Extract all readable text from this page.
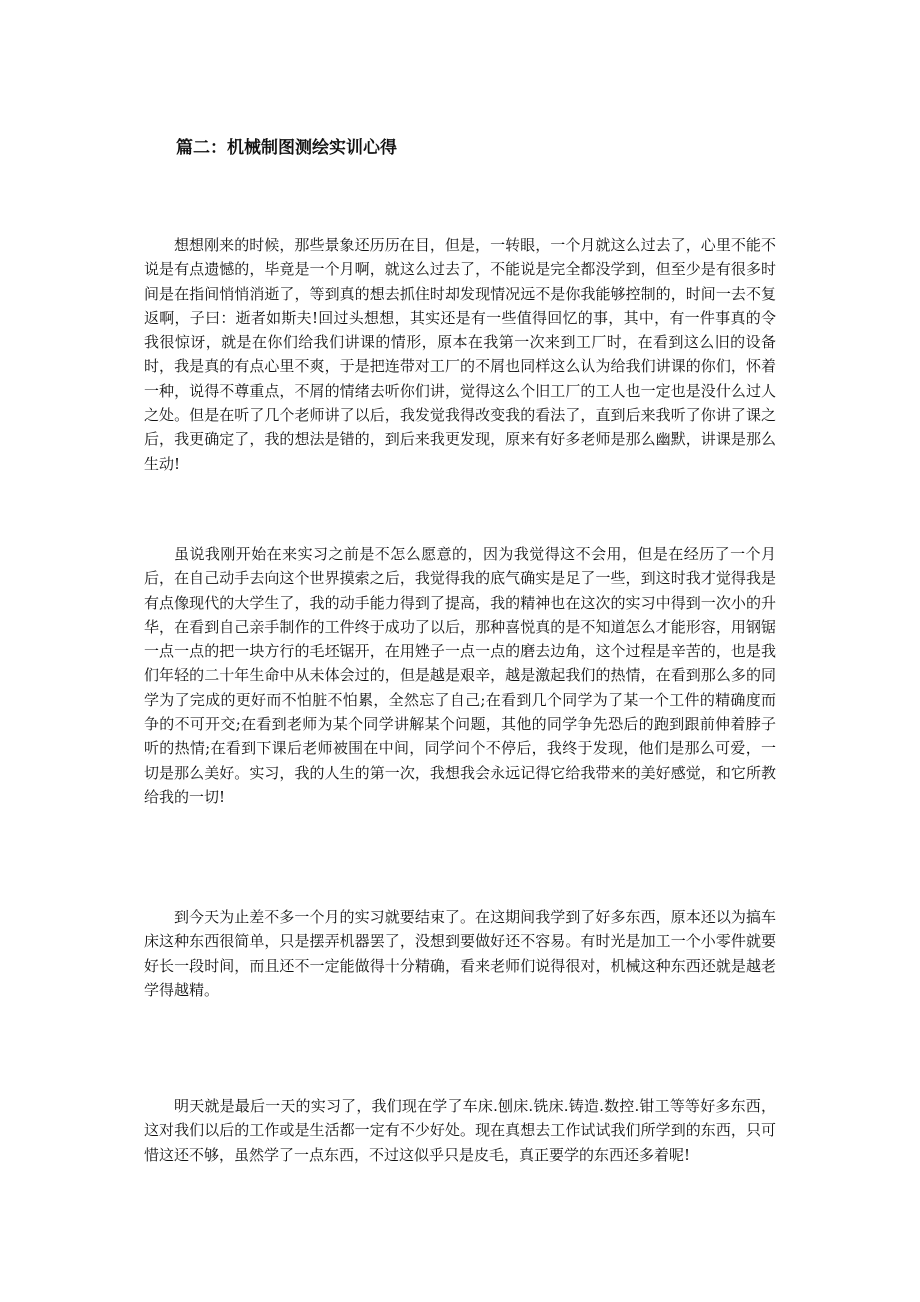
篇二：机械制图测绘实训心得

想想刚来的时候，那些景象还历历在目，但是，一转眼，一个月就这么过去了，心里不能不说是有点遗憾的，毕竟是一个月啊，就这么过去了，不能说是完全都没学到，但至少是有很多时间是在指间悄悄消逝了，等到真的想去抓住时却发现情况远不是你我能够控制的，时间一去不复返啊，子曰：逝者如斯夫!回过头想想，其实还是有一些值得回忆的事，其中，有一件事真的令我很惊讶，就是在你们给我们讲课的情形，原本在我第一次来到工厂时，在看到这么旧的设备时，我是真的有点心里不爽，于是把连带对工厂的不屑也同样这么认为给我们讲课的你们，怀着一种，说得不尊重点，不屑的情绪去听你们讲，觉得这么个旧工厂的工人也一定也是没什么过人之处。但是在听了几个老师讲了以后，我发觉我得改变我的看法了，直到后来我听了你讲了课之后，我更确定了，我的想法是错的，到后来我更发现，原来有好多老师是那么幽默，讲课是那么生动!

虽说我刚开始在来实习之前是不怎么愿意的，因为我觉得这不会用，但是在经历了一个月后，在自己动手去向这个世界摸索之后，我觉得我的底气确实是足了一些，到这时我才觉得我是有点像现代的大学生了，我的动手能力得到了提高，我的精神也在这次的实习中得到一次小的升华，在看到自己亲手制作的工件终于成功了以后，那种喜悦真的是不知道怎么才能形容，用钢锯一点一点的把一块方行的毛坯锯开，在用矬子一点一点的磨去边角，这个过程是辛苦的，也是我们年轻的二十年生命中从未体会过的，但是越是艰辛，越是激起我们的热情，在看到那么多的同学为了完成的更好而不怕脏不怕累，全然忘了自己;在看到几个同学为了某一个工件的精确度而争的不可开交;在看到老师为某个同学讲解某个问题，其他的同学争先恐后的跑到跟前伸着脖子听的热情;在看到下课后老师被围在中间，同学问个不停后，我终于发现，他们是那么可爱，一切是那么美好。实习，我的人生的第一次，我想我会永远记得它给我带来的美好感觉，和它所教给我的一切!

到今天为止差不多一个月的实习就要结束了。在这期间我学到了好多东西，原本还以为搞车床这种东西很简单，只是摆弄机器罢了，没想到要做好还不容易。有时光是加工一个小零件就要好长一段时间，而且还不一定能做得十分精确，看来老师们说得很对，机械这种东西还就是越老学得越精。

明天就是最后一天的实习了，我们现在学了车床.刨床.铣床.铸造.数控.钳工等等好多东西，这对我们以后的工作或是生活都一定有不少好处。现在真想去工作试试我们所学到的东西，只可惜这还不够，虽然学了一点东西，不过这似乎只是皮毛，真正要学的东西还多着呢!
